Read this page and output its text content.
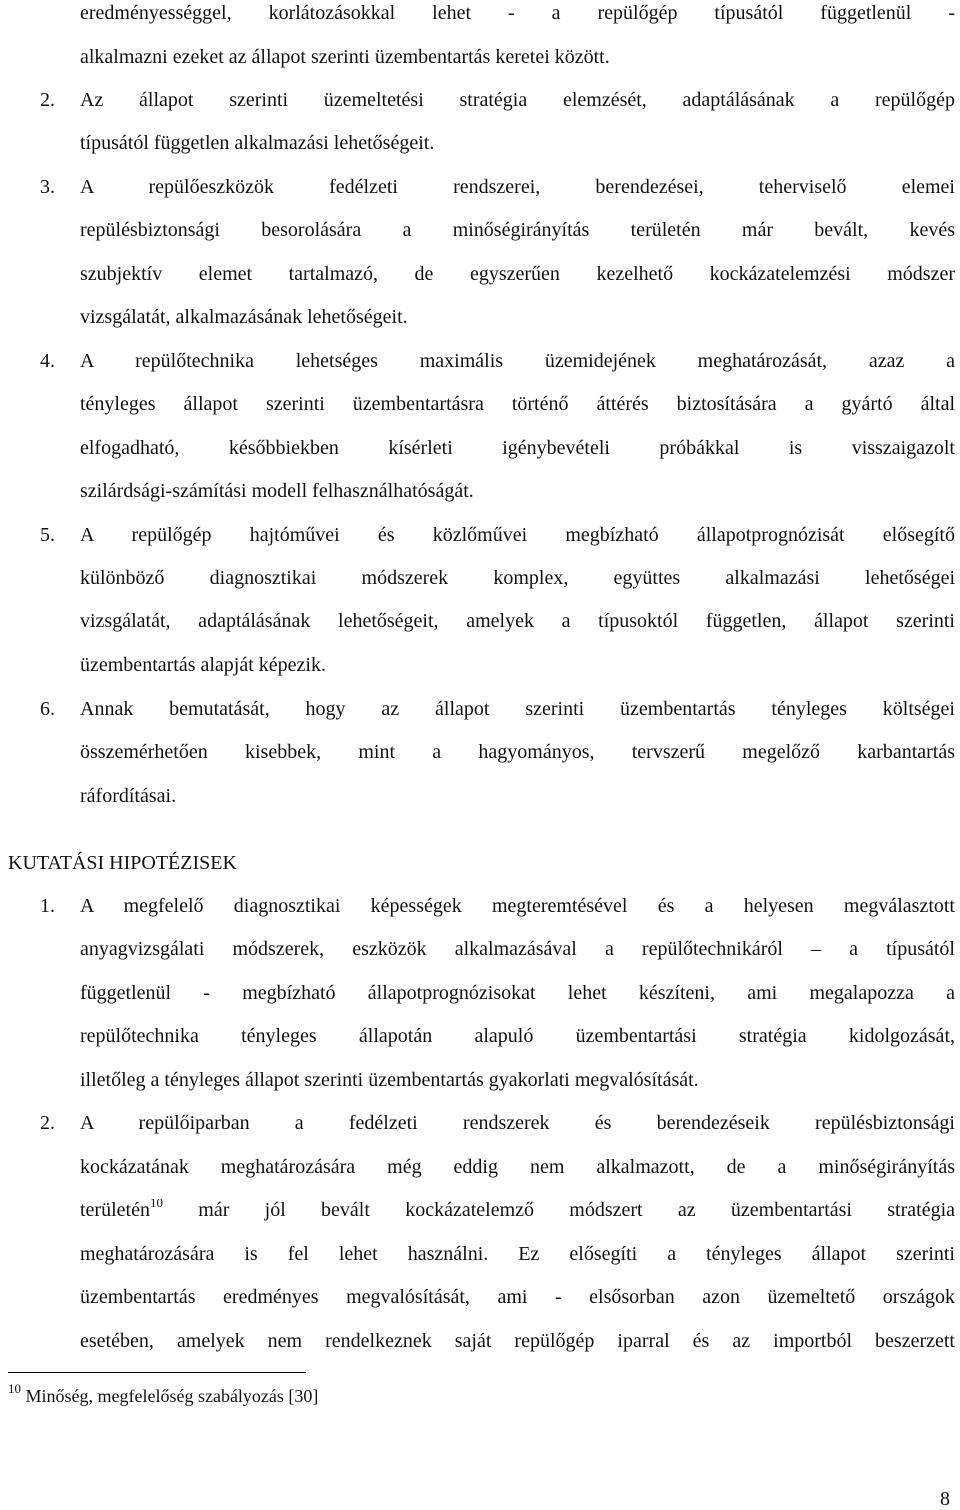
eredményességgel, korlátozásokkal lehet - a repülőgép típusától függetlenül -
alkalmazni ezeket az állapot szerinti üzembentartás keretei között.
2. Az állapot szerinti üzemeltetési stratégia elemzését, adaptálásának a repülőgép
típusától független alkalmazási lehetőségeit.
3. A repülőeszközök fedélzeti rendszerei, berendezései, teherviselő elemei
repülésbiztonsági besorolására a minőségirányítás területén már bevált, kevés
szubjektív elemet tartalmazó, de egyszerűen kezelhető kockázatelemzési módszer
vizsgálatát, alkalmazásának lehetőségeit.
4. A repülőtechnika lehetséges maximális üzemidejének meghatározását, azaz a
tényleges állapot szerinti üzembentartásra történő áttérés biztosítására a gyártó által
elfogadható, későbbiekben kísérleti igénybevételi próbákkal is visszaigazolt
szilárdsági-számítási modell felhasználhatóságát.
5. A repülőgép hajtóművei és közlőművei megbízható állapotprognózisát elősegítő
különböző diagnosztikai módszerek komplex, együttes alkalmazási lehetőségei
vizsgálatát, adaptálásának lehetőségeit, amelyek a típusoktól független, állapot szerinti
üzembentartás alapját képezik.
6. Annak bemutatását, hogy az állapot szerinti üzembentartás tényleges költségei
összemérhetően kisebbek, mint a hagyományos, tervszerű megelőző karbantartás
ráfordításai.
KUTATÁSI HIPOTÉZISEK
1. A megfelelő diagnosztikai képességek megteremtésével és a helyesen megválasztott
anyagvizsgálati módszerek, eszközök alkalmazásával a repülőtechnikáról – a típusától
függetlenül - megbízható állapotprognózisokat lehet készíteni, ami megalapozza a
repülőtechnika tényleges állapotán alapuló üzembentartási stratégia kidolgozását,
illetőleg a tényleges állapot szerinti üzembentartás gyakorlati megvalósítását.
2. A repülőiparban a fedélzeti rendszerek és berendezéseik repülésbiztonsági
kockázatának meghatározására még eddig nem alkalmazott, de a minőségirányítás
területén$^{10}$ már jól bevált kockázatelemző módszert az üzembentartási stratégia
meghatározására is fel lehet használni. Ez elősegíti a tényleges állapot szerinti
üzembentartás eredményes megvalósítását, ami - elsősorban azon üzemeltető országok
esetében, amelyek nem rendelkeznek saját repülőgép iparral és az importból beszerzett
$^{10}$ Minőség, megfelelőség szabályozás [30]
8
